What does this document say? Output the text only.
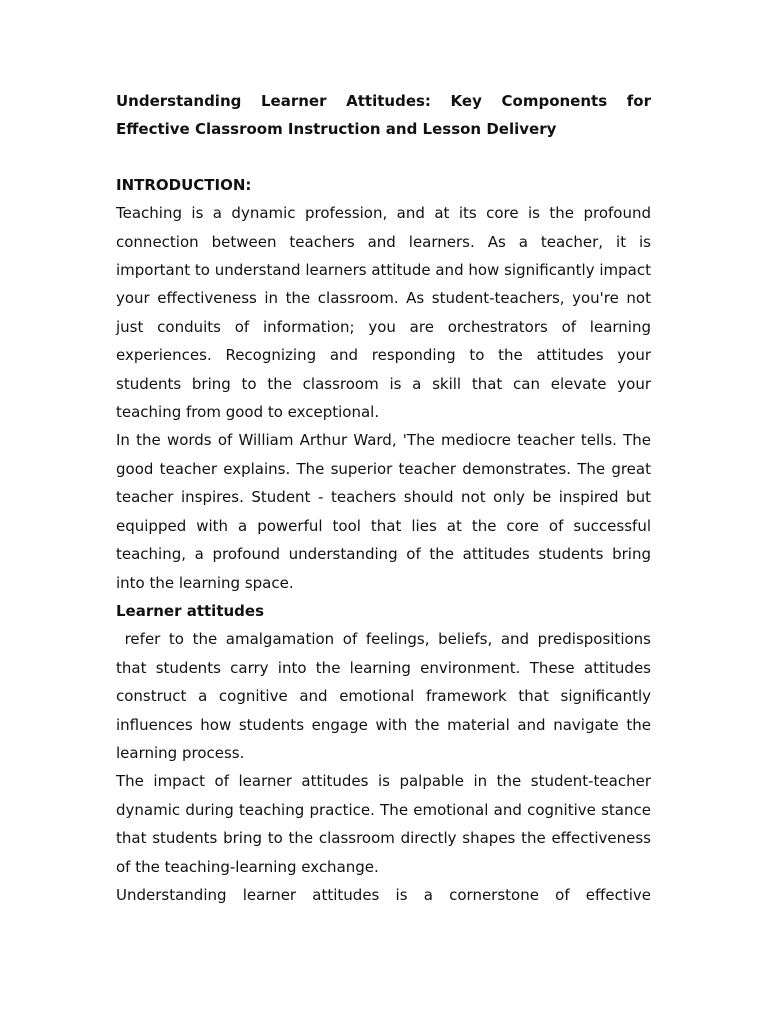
Understanding Learner Attitudes: Key Components for Effective Classroom Instruction and Lesson Delivery

INTRODUCTION:

Teaching is a dynamic profession, and at its core is the profound connection between teachers and learners. As a teacher, it is important to understand learners attitude and how significantly impact your effectiveness in the classroom. As student-teachers, you're not just conduits of information; you are orchestrators of learning experiences. Recognizing and responding to the attitudes your students bring to the classroom is a skill that can elevate your teaching from good to exceptional.

In the words of William Arthur Ward, 'The mediocre teacher tells. The good teacher explains. The superior teacher demonstrates. The great teacher inspires. Student - teachers should not only be inspired but equipped with a powerful tool that lies at the core of successful teaching, a profound understanding of the attitudes students bring into the learning space.

Learner attitudes

refer to the amalgamation of feelings, beliefs, and predispositions that students carry into the learning environment. These attitudes construct a cognitive and emotional framework that significantly influences how students engage with the material and navigate the learning process.

The impact of learner attitudes is palpable in the student-teacher dynamic during teaching practice. The emotional and cognitive stance that students bring to the classroom directly shapes the effectiveness of the teaching-learning exchange.

Understanding learner attitudes is a cornerstone of effective
